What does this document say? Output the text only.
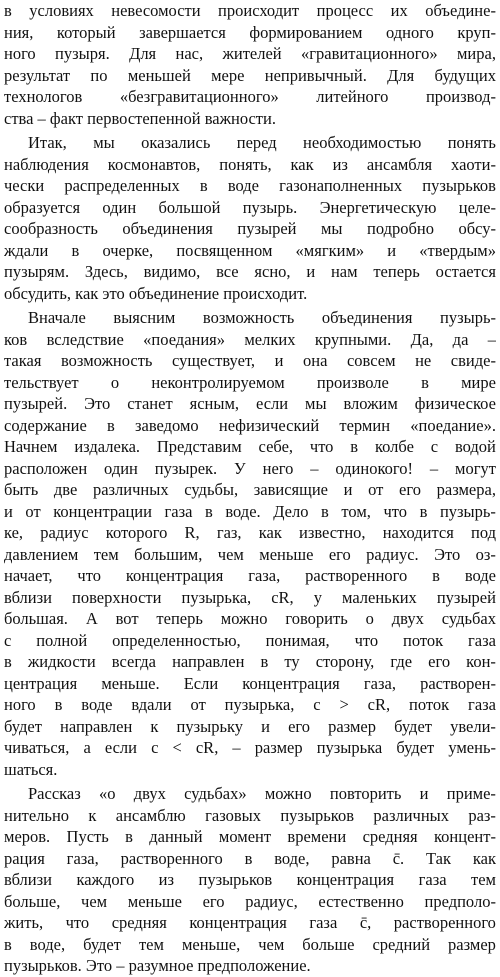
в условиях невесомости происходит процесс их объедине-
ния, который завершается формированием одного круп-
ного пузыря. Для нас, жителей «гравитационного» мира,
результат по меньшей мере непривычный. Для будущих
технологов «безгравитационного» литейного производ-
ства – факт первостепенной важности.
Итак, мы оказались перед необходимостью понять
наблюдения космонавтов, понять, как из ансамбля хаоти-
чески распределенных в воде газонаполненных пузырьков
образуется один большой пузырь. Энергетическую целе-
сообразность объединения пузырей мы подробно обсу-
ждали в очерке, посвященном «мягким» и «твердым»
пузырям. Здесь, видимо, все ясно, и нам теперь остается
обсудить, как это объединение происходит.
Вначале выясним возможность объединения пузырь-
ков вследствие «поедания» мелких крупными. Да, да –
такая возможность существует, и она совсем не свиде-
тельствует о неконтролируемом произволе в мире
пузырей. Это станет ясным, если мы вложим физическое
содержание в заведомо нефизический термин «поедание».
Начнем издалека. Представим себе, что в колбе с водой
расположен один пузырек. У него – одинокого! – могут
быть две различных судьбы, зависящие и от его размера,
и от концентрации газа в воде. Дело в том, что в пузырь-
ке, радиус которого R, газ, как известно, находится под
давлением тем большим, чем меньше его радиус. Это оз-
начает, что концентрация газа, растворенного в воде
вблизи поверхности пузырька, cR, у маленьких пузырей
большая. А вот теперь можно говорить о двух судьбах
с полной определенностью, понимая, что поток газа
в жидкости всегда направлен в ту сторону, где его кон-
центрация меньше. Если концентрация газа, растворен-
ного в воде вдали от пузырька, c > cR, поток газа
будет направлен к пузырьку и его размер будет увели-
чиваться, а если c < cR, – размер пузырька будет умень-
шаться.
Рассказ «о двух судьбах» можно повторить и приме-
нительно к ансамблю газовых пузырьков различных раз-
меров. Пусть в данный момент времени средняя концент-
рация газа, растворенного в воде, равна c̄. Так как
вблизи каждого из пузырьков концентрация газа тем
больше, чем меньше его радиус, естественно предполо-
жить, что средняя концентрация газа c̄, растворенного
в воде, будет тем меньше, чем больше средний размер
пузырьков. Это – разумное предположение.
